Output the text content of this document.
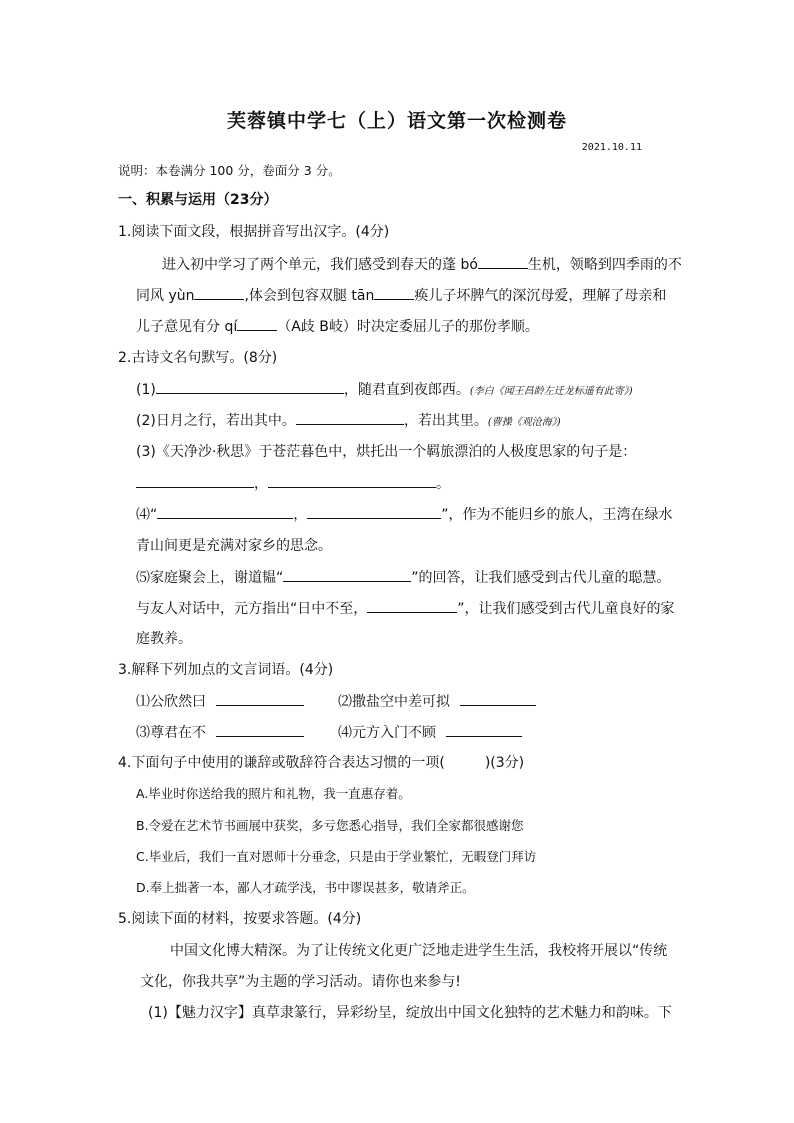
芙蓉镇中学七（上）语文第一次检测卷
2021.10.11
说明：本卷满分 100 分，卷面分 3 分。
一、积累与运用（23分）
1.阅读下面文段，根据拼音写出汉字。(4分)
进入初中学习了两个单元，我们感受到春天的蓬 bó	生机，领略到四季雨的不
同风 yùn	,体会到包容双腿 tān	痪儿子坏脾气的深沉母爱，理解了母亲和
儿子意见有分 qí	（A歧 B岐）时决定委屈儿子的那份孝顺。
2.古诗文名句默写。(8分)
(1)	，随君直到夜郎西。(李白《闻王昌龄左迁龙标遥有此寄》)
(2)日月之行，若出其中。	，若出其里。(曹操《观沧海》)
(3)《天净沙·秋思》于苍茫暮色中，烘托出一个羁旅漂泊的人极度思家的句子是：
，	。
⑷“	，	”，作为不能归乡的旅人，王湾在绿水
青山间更是充满对家乡的思念。
⑸家庭聚会上，谢道韫“	”的回答，让我们感受到古代儿童的聪慧。
与友人对话中，元方指出“日中不至，	”，让我们感受到古代儿童良好的家
庭教养。
3.解释下列加点的文言词语。(4分)
⑴公欣然曰	⑵撒盐空中差可拟
⑶尊君在不	⑷元方入门不顾
4.下面句子中使用的谦辞或敬辞符合表达习惯的一项(	)(3分)
A.毕业时你送给我的照片和礼物，我一直惠存着。
B.令爱在艺术节书画展中获奖，多亏您悉心指导，我们全家都很感谢您
C.毕业后，我们一直对恩师十分垂念，只是由于学业繁忙，无暇登门拜访
D.奉上拙著一本，鄙人才疏学浅，书中谬误甚多，敬请斧正。
5.阅读下面的材料，按要求答题。(4分)
中国文化博大精深。为了让传统文化更广泛地走进学生生活，我校将开展以“传统
文化，你我共享”为主题的学习活动。请你也来参与!
(1)【魅力汉字】真草隶篆行，异彩纷呈，绽放出中国文化独特的艺术魅力和韵味。下
